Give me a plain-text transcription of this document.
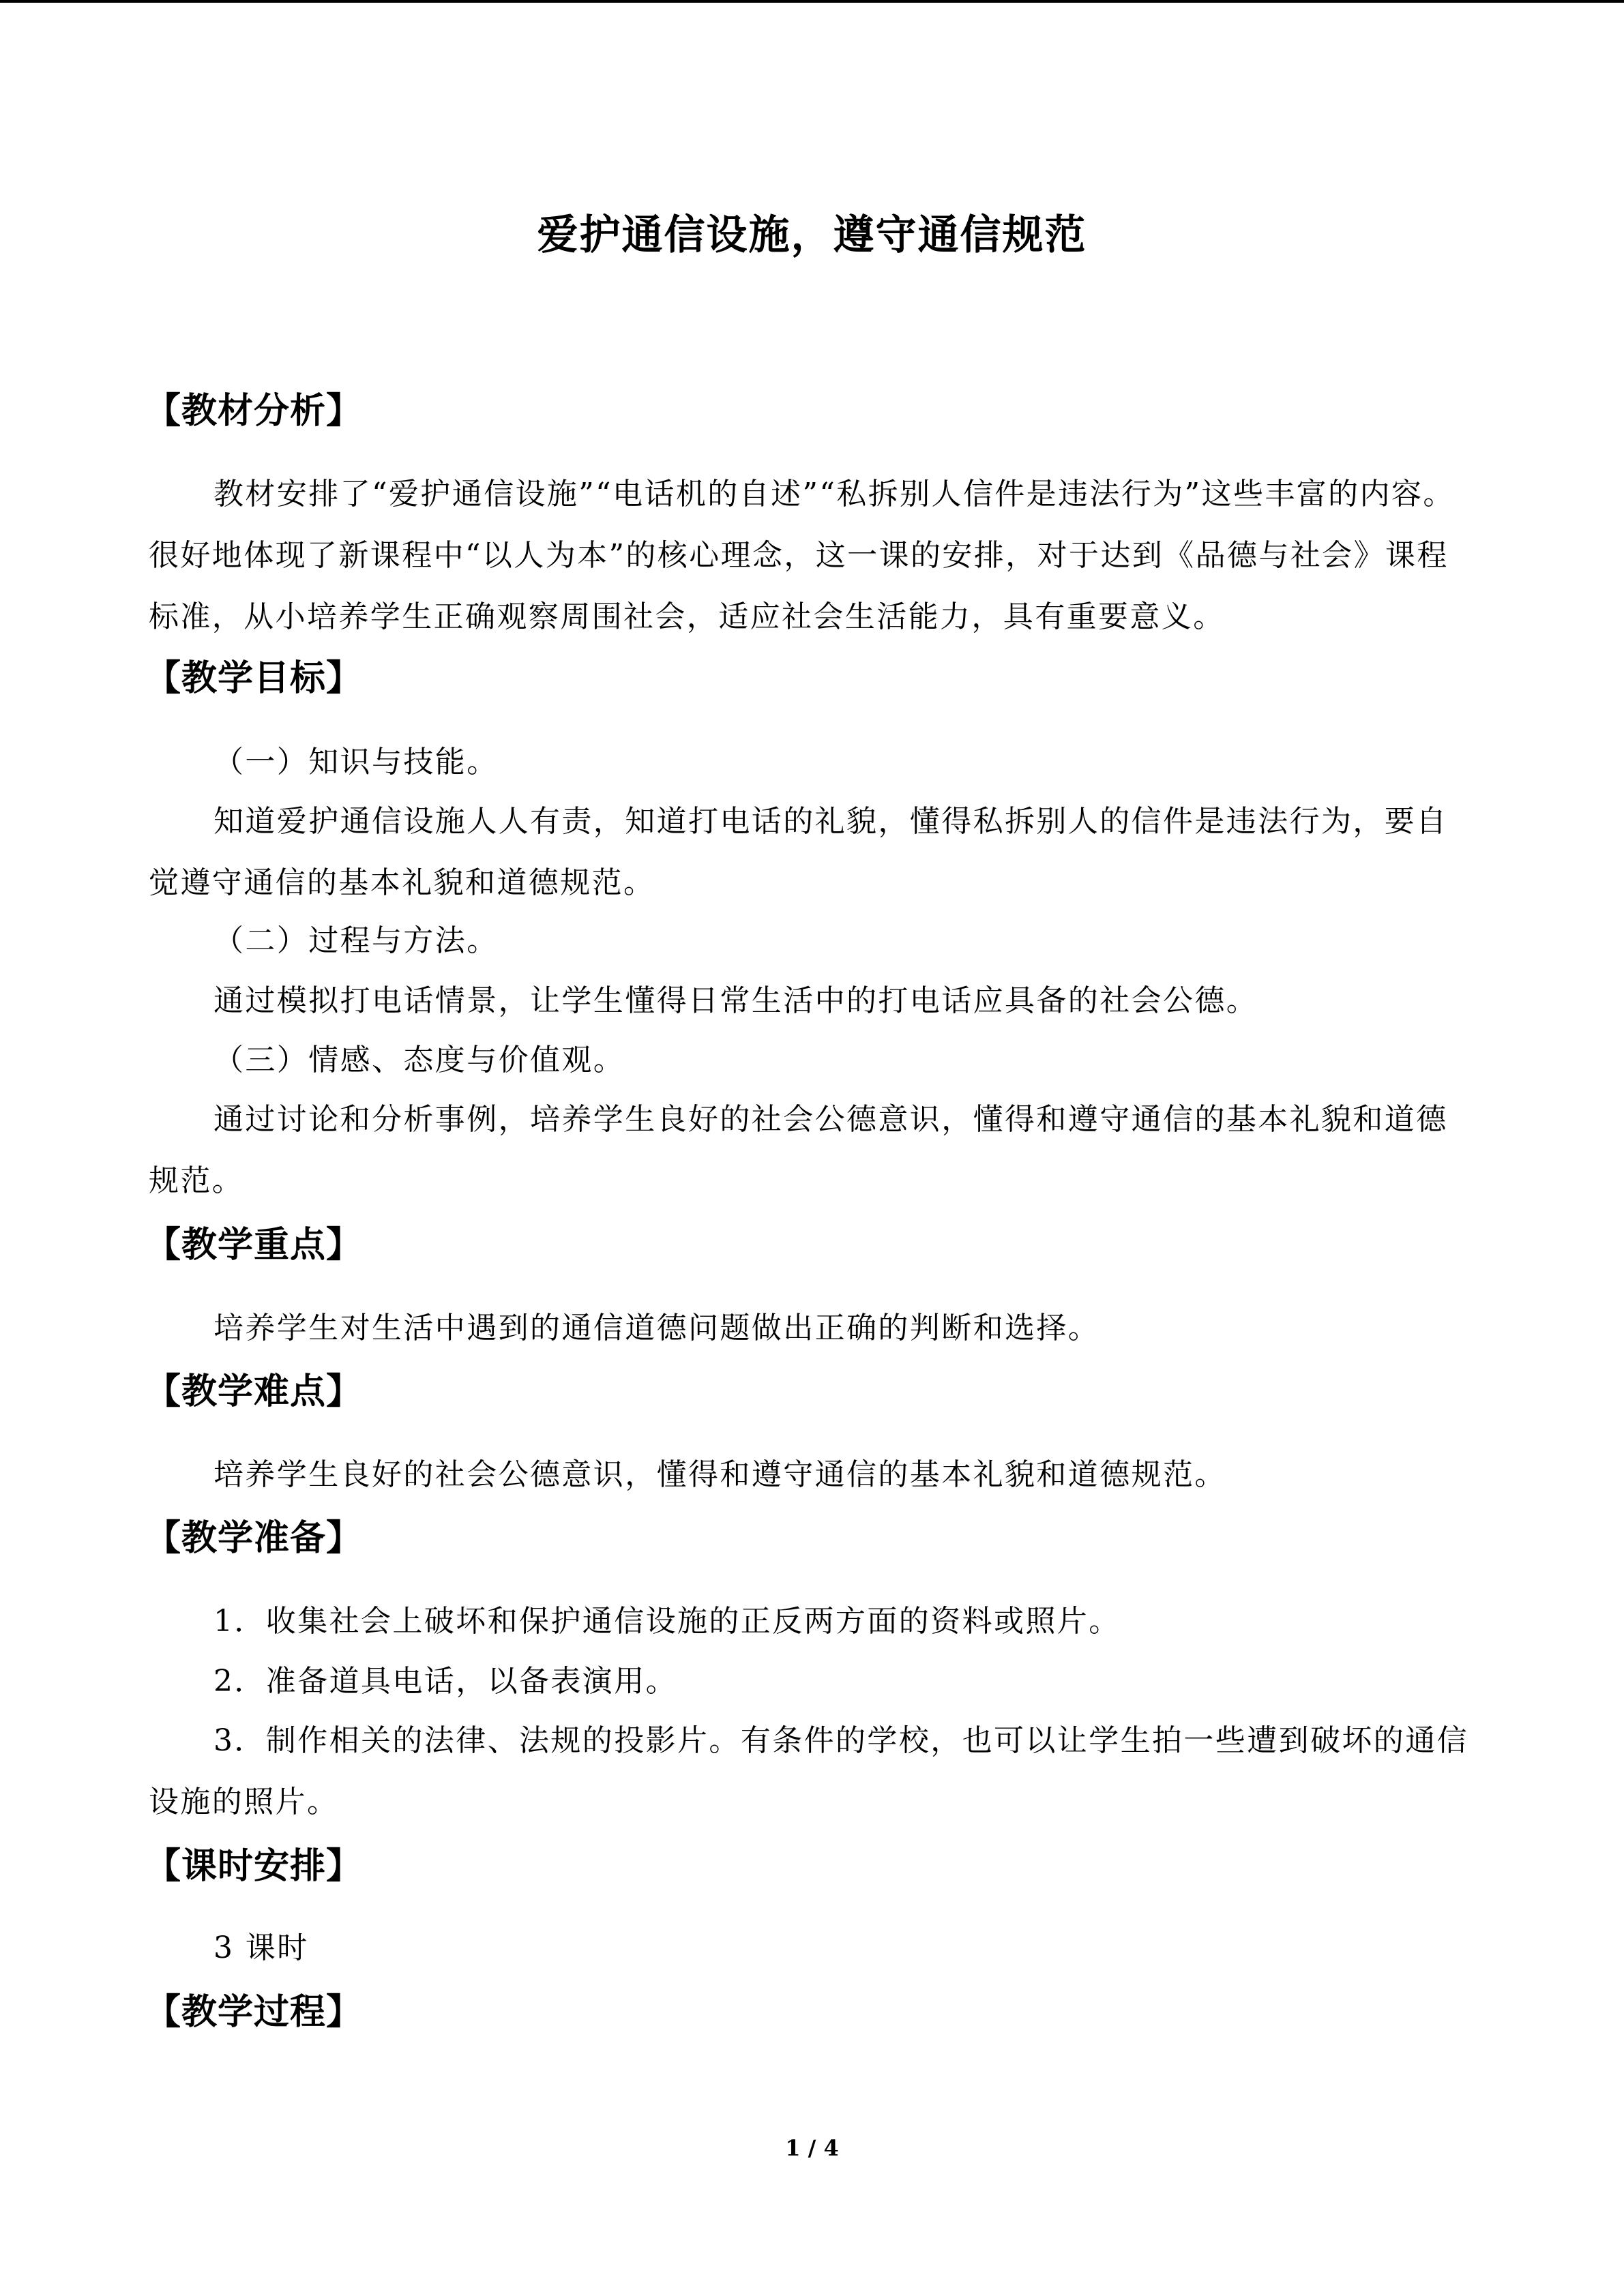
爱护通信设施，遵守通信规范
【教材分析】
教材安排了“爱护通信设施”“电话机的自述”“私拆别人信件是违法行为”这些丰富的内容。很好地体现了新课程中“以人为本”的核心理念，这一课的安排，对于达到《品德与社会》课程标准，从小培养学生正确观察周围社会，适应社会生活能力，具有重要意义。
【教学目标】
（一）知识与技能。
知道爱护通信设施人人有责，知道打电话的礼貌，懂得私拆别人的信件是违法行为，要自觉遵守通信的基本礼貌和道德规范。
（二）过程与方法。
通过模拟打电话情景，让学生懂得日常生活中的打电话应具备的社会公德。
（三）情感、态度与价值观。
通过讨论和分析事例，培养学生良好的社会公德意识，懂得和遵守通信的基本礼貌和道德规范。
【教学重点】
培养学生对生活中遇到的通信道德问题做出正确的判断和选择。
【教学难点】
培养学生良好的社会公德意识，懂得和遵守通信的基本礼貌和道德规范。
【教学准备】
1．收集社会上破坏和保护通信设施的正反两方面的资料或照片。
2．准备道具电话，以备表演用。
3．制作相关的法律、法规的投影片。有条件的学校，也可以让学生拍一些遭到破坏的通信设施的照片。
【课时安排】
3 课时
【教学过程】
1 / 4
